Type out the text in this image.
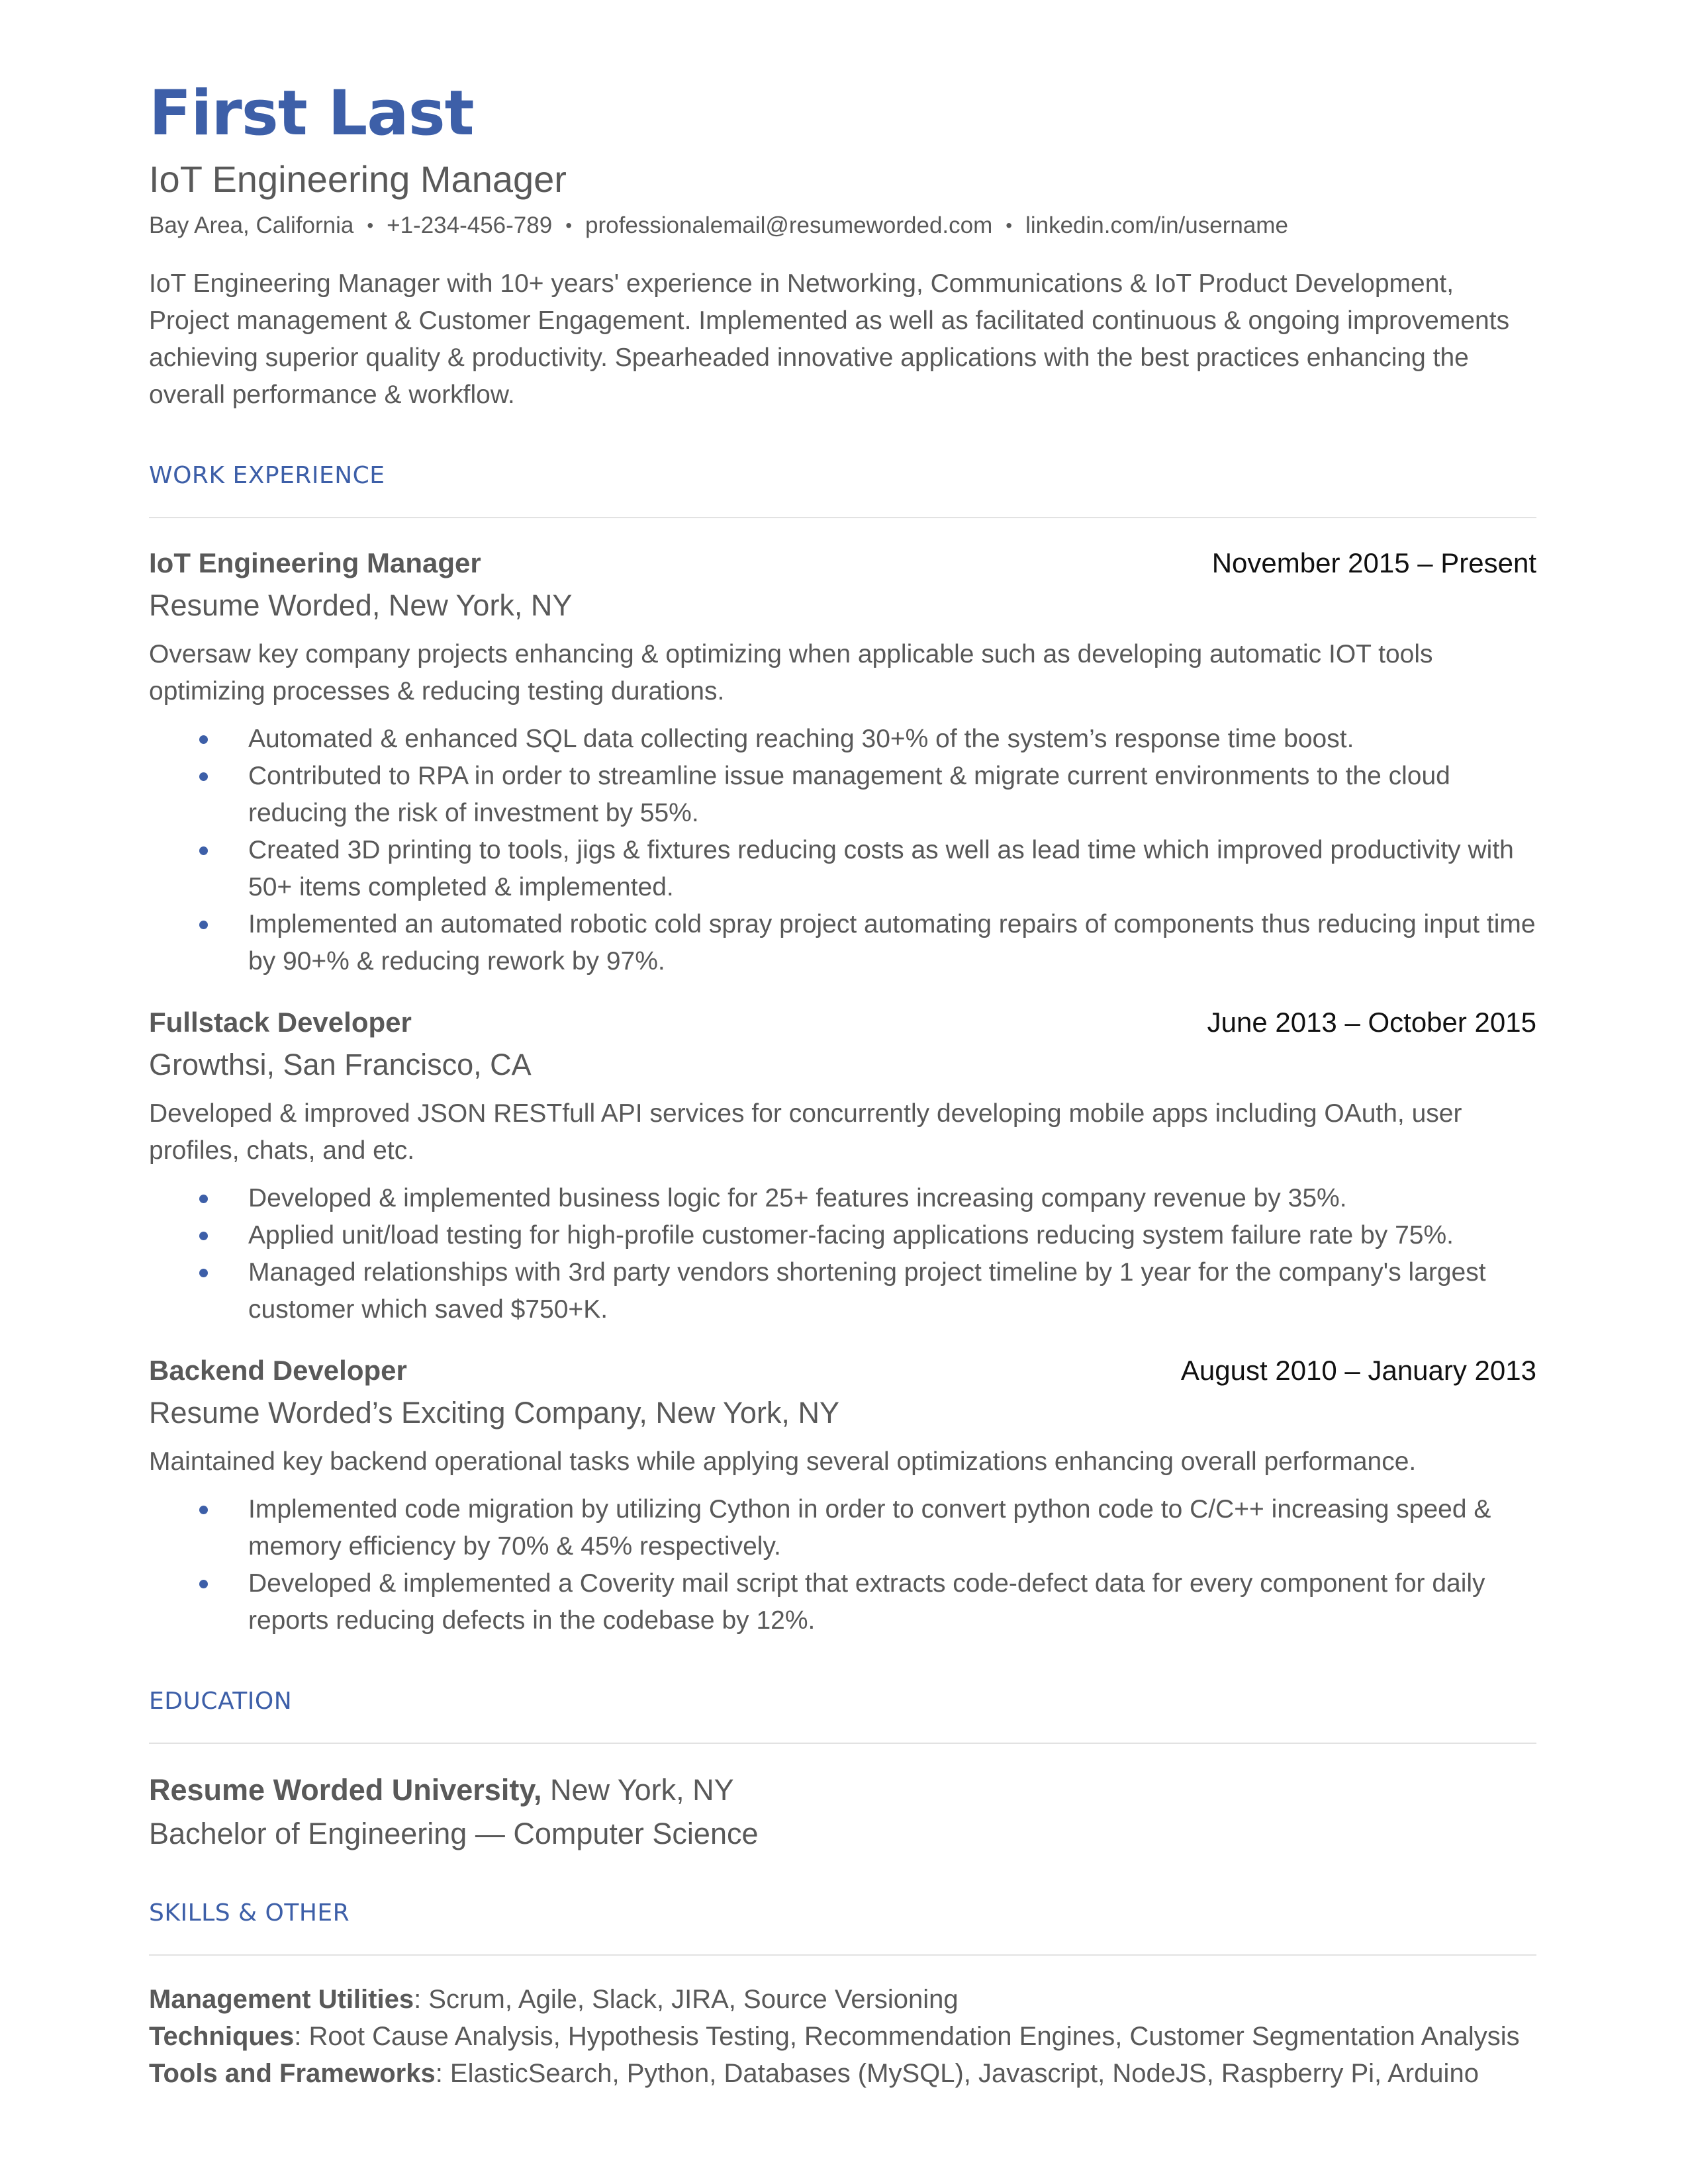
First Last
IoT Engineering Manager
Bay Area, California • +1-234-456-789 • professionalemail@resumeworded.com • linkedin.com/in/username
IoT Engineering Manager with 10+ years' experience in Networking, Communications & IoT Product Development, Project management & Customer Engagement. Implemented as well as facilitated continuous & ongoing improvements achieving superior quality & productivity. Spearheaded innovative applications with the best practices enhancing the overall performance & workflow.
WORK EXPERIENCE
IoT Engineering Manager	November 2015 – Present
Resume Worded, New York, NY
Oversaw key company projects enhancing & optimizing when applicable such as developing automatic IOT tools optimizing processes & reducing testing durations.
Automated & enhanced SQL data collecting reaching 30+% of the system’s response time boost.
Contributed to RPA in order to streamline issue management & migrate current environments to the cloud reducing the risk of investment by 55%.
Created 3D printing to tools, jigs & fixtures reducing costs as well as lead time which improved productivity with 50+ items completed & implemented.
Implemented an automated robotic cold spray project automating repairs of components thus reducing input time by 90+% & reducing rework by 97%.
Fullstack Developer	June 2013 – October 2015
Growthsi, San Francisco, CA
Developed & improved JSON RESTfull API services for concurrently developing mobile apps including OAuth, user profiles, chats, and etc.
Developed & implemented business logic for 25+ features increasing company revenue by 35%.
Applied unit/load testing for high-profile customer-facing applications reducing system failure rate by 75%.
Managed relationships with 3rd party vendors shortening project timeline by 1 year for the company's largest customer which saved $750+K.
Backend Developer	August 2010 – January 2013
Resume Worded’s Exciting Company, New York, NY
Maintained key backend operational tasks while applying several optimizations enhancing overall performance.
Implemented code migration by utilizing Cython in order to convert python code to C/C++ increasing speed & memory efficiency by 70% & 45% respectively.
Developed & implemented a Coverity mail script that extracts code-defect data for every component for daily reports reducing defects in the codebase by 12%.
EDUCATION
Resume Worded University, New York, NY
Bachelor of Engineering — Computer Science
SKILLS & OTHER
Management Utilities: Scrum, Agile, Slack, JIRA, Source Versioning
Techniques: Root Cause Analysis, Hypothesis Testing, Recommendation Engines, Customer Segmentation Analysis
Tools and Frameworks: ElasticSearch, Python, Databases (MySQL), Javascript, NodeJS, Raspberry Pi, Arduino
